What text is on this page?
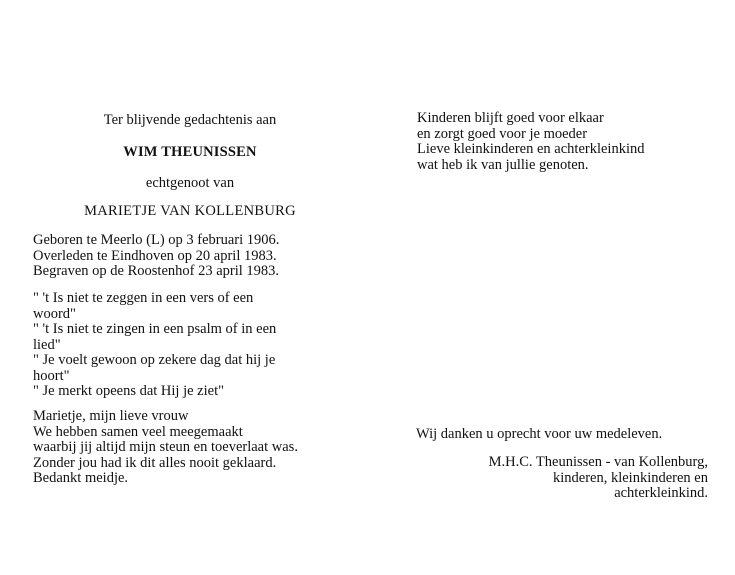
Ter blijvende gedachtenis aan
WIM THEUNISSEN
echtgenoot van
MARIETJE VAN KOLLENBURG
Geboren te Meerlo (L) op 3 februari 1906.
Overleden te Eindhoven op 20 april 1983.
Begraven op de Roostenhof 23 april 1983.
" 't Is niet te zeggen in een vers of een
woord"
" 't Is niet te zingen in een psalm of in een
lied"
" Je voelt gewoon op zekere dag dat hij je
hoort"
" Je merkt opeens dat Hij je ziet"
Marietje, mijn lieve vrouw
We hebben samen veel meegemaakt
waarbij jij altijd mijn steun en toeverlaat was.
Zonder jou had ik dit alles nooit geklaard.
Bedankt meidje.
Kinderen blijft goed voor elkaar
en zorgt goed voor je moeder
Lieve kleinkinderen en achterkleinkind
wat heb ik van jullie genoten.
Wij danken u oprecht voor uw medeleven.
M.H.C. Theunissen - van Kollenburg,
kinderen, kleinkinderen en
achterkleinkind.
